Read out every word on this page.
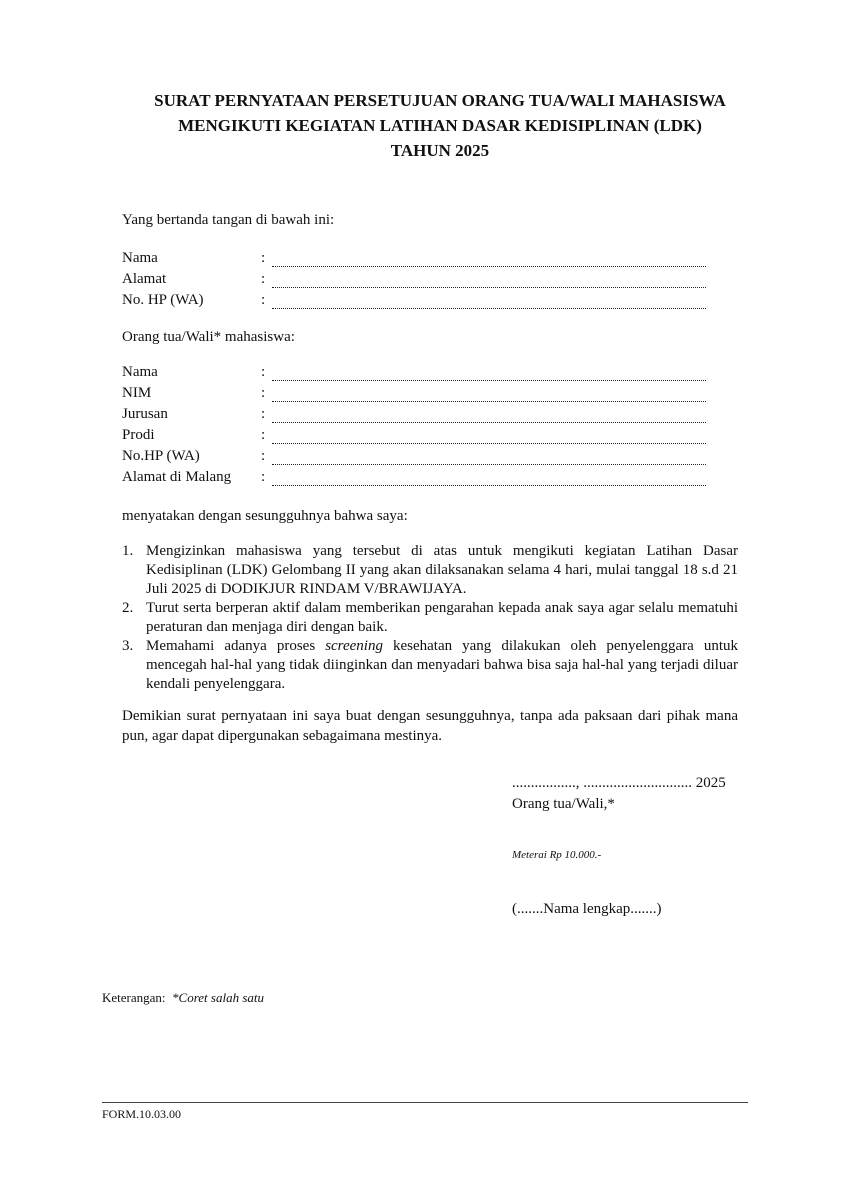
SURAT PERNYATAAN PERSETUJUAN ORANG TUA/WALI MAHASISWA
MENGIKUTI KEGIATAN LATIHAN DASAR KEDISIPLINAN (LDK)
TAHUN 2025
Yang bertanda tangan di bawah ini:
Nama	:
Alamat	:
No. HP (WA)	:
Orang tua/Wali* mahasiswa:
Nama	:
NIM	:
Jurusan	:
Prodi	:
No.HP (WA)	:
Alamat di Malang :
menyatakan dengan sesungguhnya bahwa saya:
1. Mengizinkan mahasiswa yang tersebut di atas untuk mengikuti kegiatan Latihan Dasar Kedisiplinan (LDK) Gelombang II yang akan dilaksanakan selama 4 hari, mulai tanggal 18 s.d 21 Juli 2025 di DODIKJUR RINDAM V/BRAWIJAYA.
2. Turut serta berperan aktif dalam memberikan pengarahan kepada anak saya agar selalu mematuhi peraturan dan menjaga diri dengan baik.
3. Memahami adanya proses screening kesehatan yang dilakukan oleh penyelenggara untuk mencegah hal-hal yang tidak diinginkan dan menyadari bahwa bisa saja hal-hal yang terjadi diluar kendali penyelenggara.
Demikian surat pernyataan ini saya buat dengan sesungguhnya, tanpa ada paksaan dari pihak mana pun, agar dapat dipergunakan sebagaimana mestinya.
................., ............................. 2025
Orang tua/Wali,*
Meterai Rp 10.000.-
(.......Nama lengkap.......)
Keterangan: *Coret salah satu
FORM.10.03.00
